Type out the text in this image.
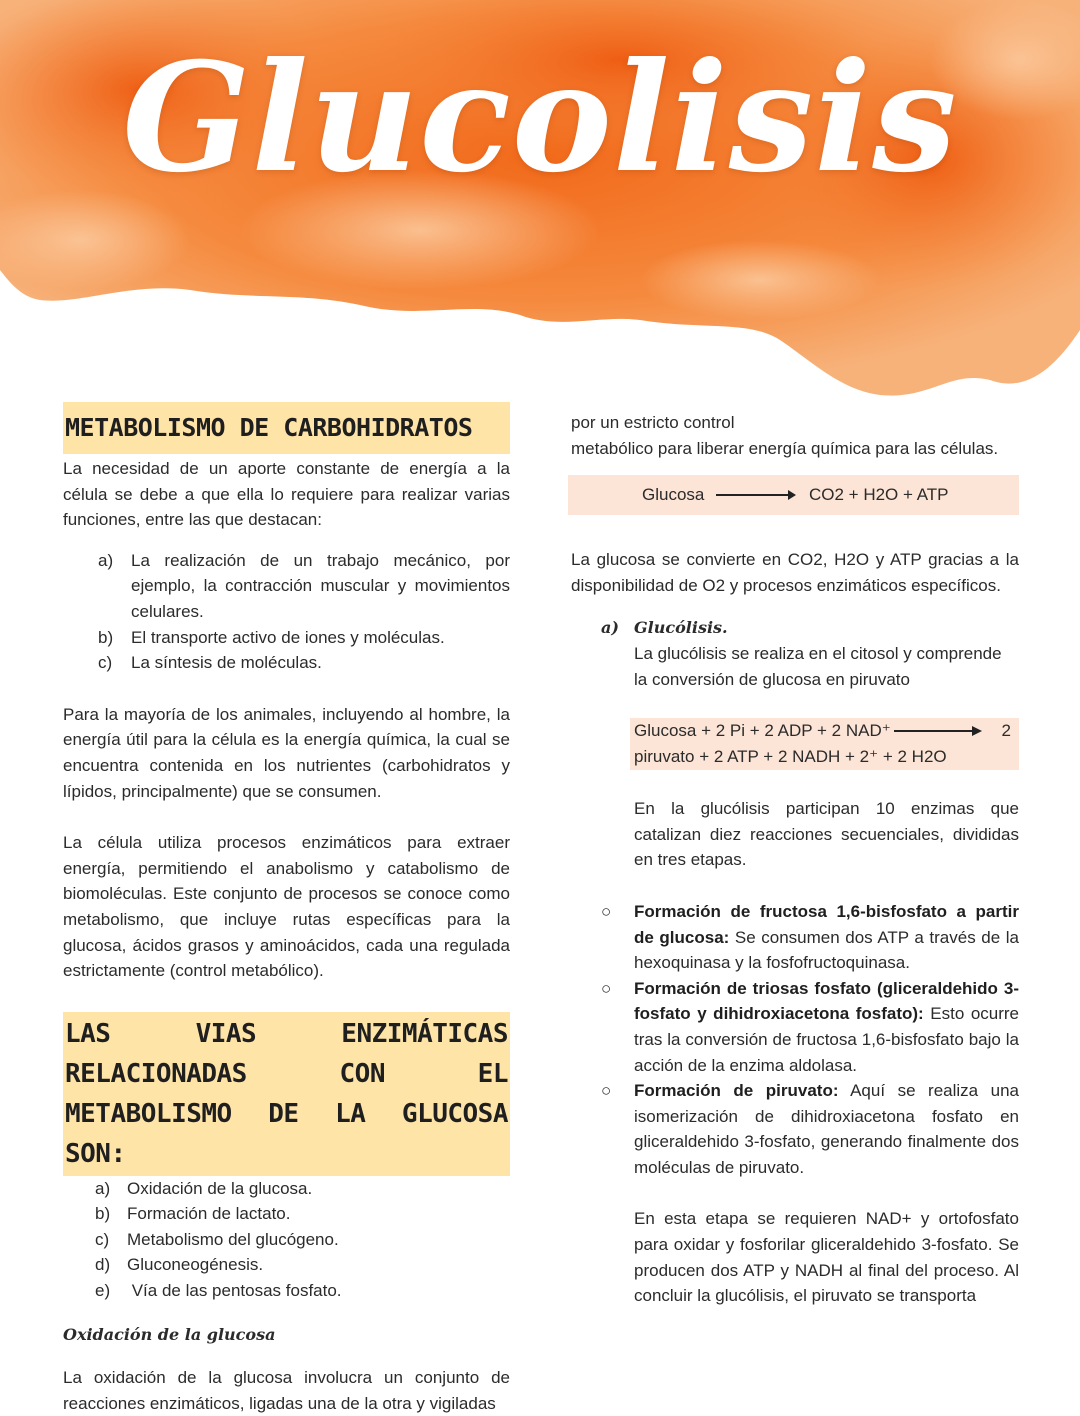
Glucolisis
METABOLISMO DE CARBOHIDRATOS

La necesidad de un aporte constante de energía a la célula se debe a que ella lo requiere para realizar varias funciones, entre las que destacan:

a) La realización de un trabajo mecánico, por ejemplo, la contracción muscular y movimientos celulares.
b) El transporte activo de iones y moléculas.
c) La síntesis de moléculas.

Para la mayoría de los animales, incluyendo al hombre, la energía útil para la célula es la energía química, la cual se encuentra contenida en los nutrientes (carbohidratos y lípidos, principalmente) que se consumen.

La célula utiliza procesos enzimáticos para extraer energía, permitiendo el anabolismo y catabolismo de biomoléculas. Este conjunto de procesos se conoce como metabolismo, que incluye rutas específicas para la glucosa, ácidos grasos y aminoácidos, cada una regulada estrictamente (control metabólico).

LAS VIAS ENZIMÁTICAS RELACIONADAS CON EL METABOLISMO DE LA GLUCOSA SON:
a) Oxidación de la glucosa.
b) Formación de lactato.
c) Metabolismo del glucógeno.
d) Gluconeogénesis.
e) Vía de las pentosas fosfato.

Oxidación de la glucosa

La oxidación de la glucosa involucra un conjunto de reacciones enzimáticos, ligadas una de la otra y vigiladas

por un estricto control

metabólico para liberar energía química para las células.

Glucosa	CO2 + H2O + ATP

La glucosa se convierte en CO2, H2O y ATP gracias a la disponibilidad de O2 y procesos enzimáticos específicos.

a) Glucólisis.

La glucólisis se realiza en el citosol y comprende la conversión de glucosa en piruvato

Glucosa + 2 Pi + 2 ADP + 2 NAD⁺	2
piruvato + 2 ATP + 2 NADH + 2⁺ + 2 H2O

En la glucólisis participan 10 enzimas que catalizan diez reacciones secuenciales, divididas en tres etapas.

○ Formación de fructosa 1,6-bisfosfato a partir de glucosa: Se consumen dos ATP a través de la hexoquinasa y la fosfofructoquinasa.
○ Formación de triosas fosfato (gliceraldehido 3-fosfato y dihidroxiacetona fosfato): Esto ocurre tras la conversión de fructosa 1,6-bisfosfato bajo la acción de la enzima aldolasa.
○ Formación de piruvato: Aquí se realiza una isomerización de dihidroxiacetona fosfato en gliceraldehido 3-fosfato, generando finalmente dos moléculas de piruvato.

En esta etapa se requieren NAD+ y ortofosfato para oxidar y fosforilar gliceraldehido 3-fosfato. Se producen dos ATP y NADH al final del proceso. Al concluir la glucólisis, el piruvato se transporta
